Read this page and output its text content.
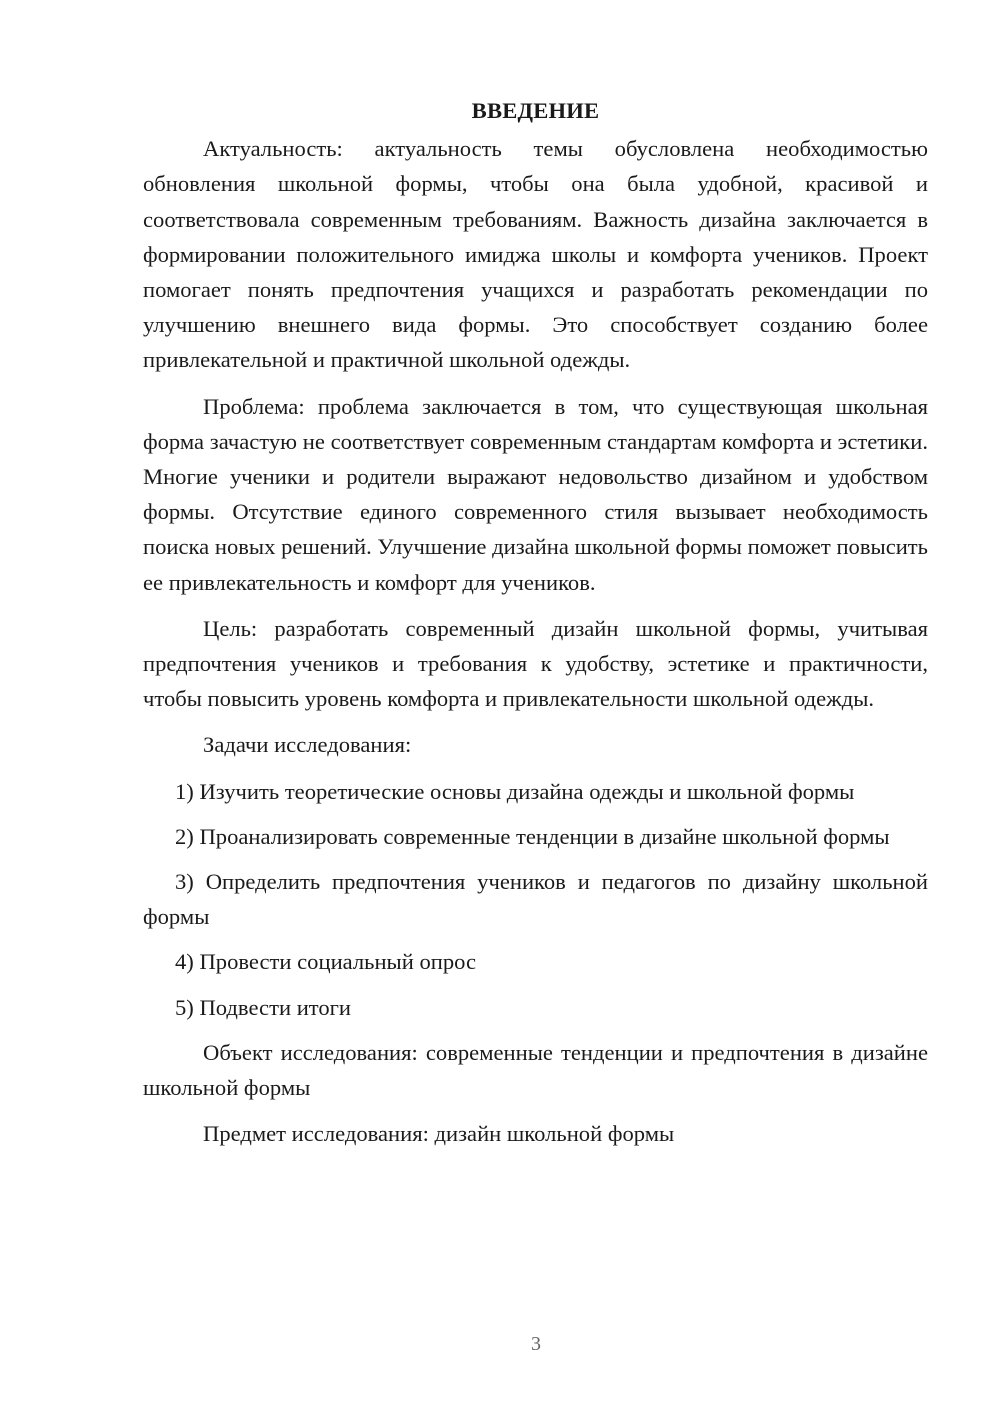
ВВЕДЕНИЕ

Актуальность: актуальность темы обусловлена необходимостью обновления школьной формы, чтобы она была удобной, красивой и соответствовала современным требованиям. Важность дизайна заключается в формировании положительного имиджа школы и комфорта учеников. Проект помогает понять предпочтения учащихся и разработать рекомендации по улучшению внешнего вида формы. Это способствует созданию более привлекательной и практичной школьной одежды.

Проблема: проблема заключается в том, что существующая школьная форма зачастую не соответствует современным стандартам комфорта и эстетики. Многие ученики и родители выражают недовольство дизайном и удобством формы. Отсутствие единого современного стиля вызывает необходимость поиска новых решений. Улучшение дизайна школьной формы поможет повысить ее привлекательность и комфорт для учеников.

Цель: разработать современный дизайн школьной формы, учитывая предпочтения учеников и требования к удобству, эстетике и практичности, чтобы повысить уровень комфорта и привлекательности школьной одежды.

Задачи исследования:

1) Изучить теоретические основы дизайна одежды и школьной формы

2) Проанализировать современные тенденции в дизайне школьной формы

3) Определить предпочтения учеников и педагогов по дизайну школьной формы

4) Провести социальный опрос

5) Подвести итоги

Объект исследования: современные тенденции и предпочтения в дизайне школьной формы

Предмет исследования: дизайн школьной формы

3
